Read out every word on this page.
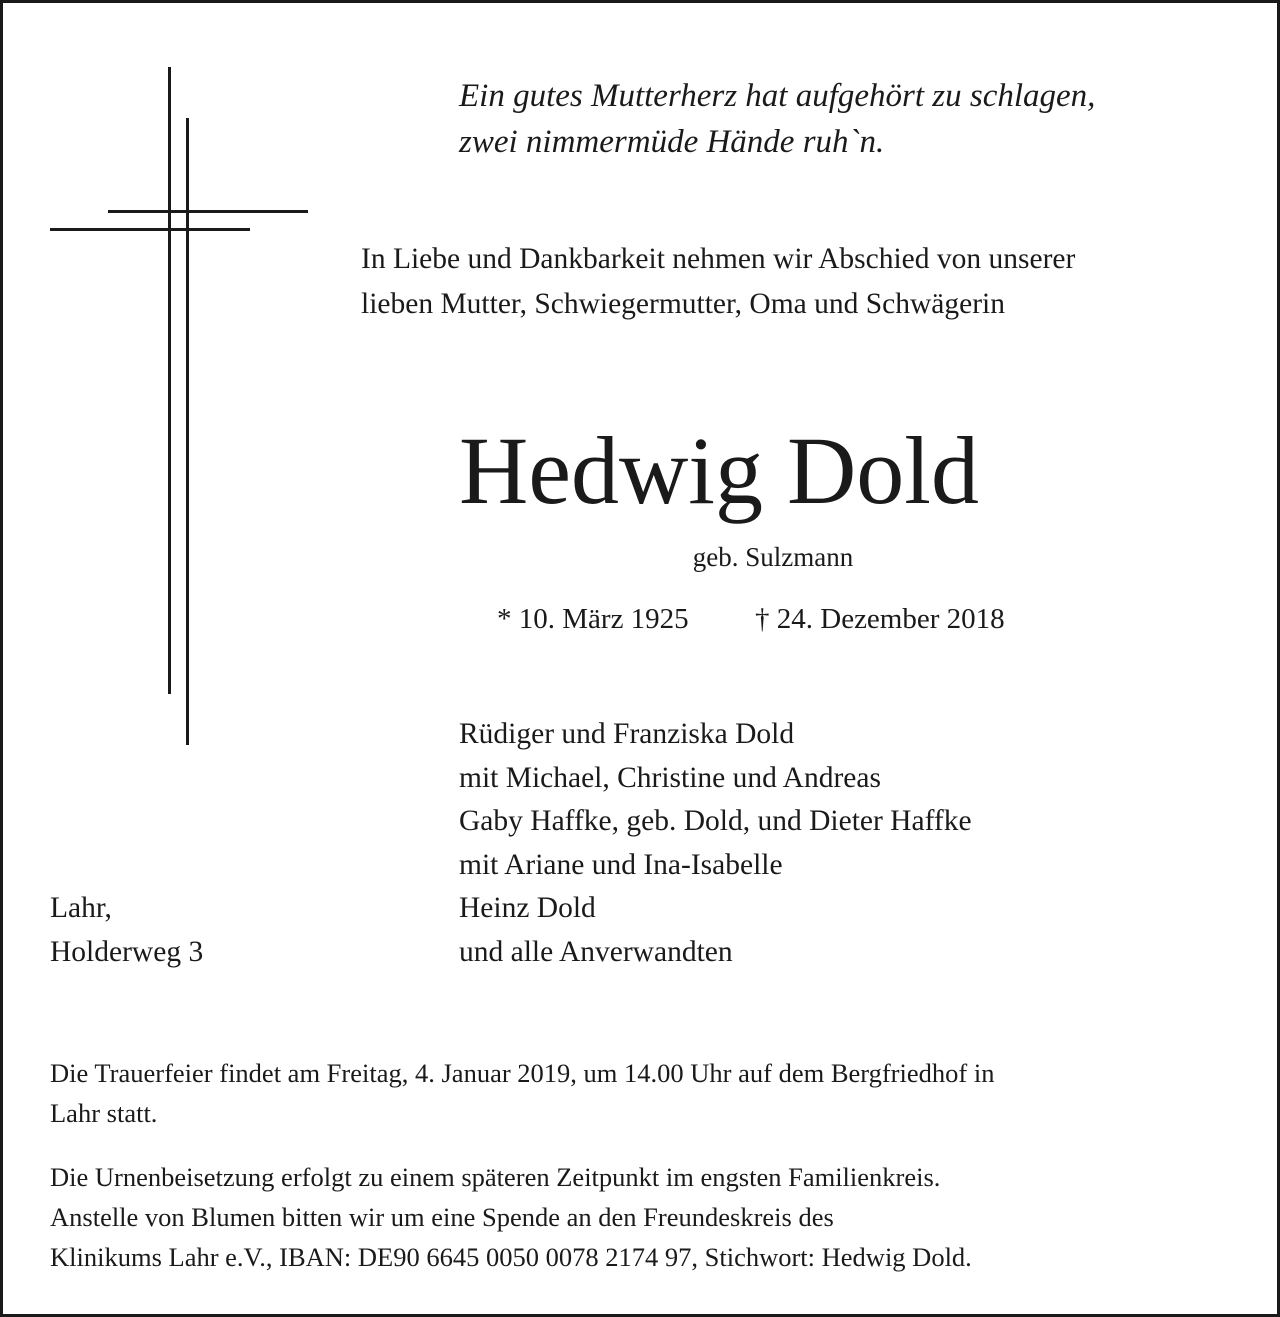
Ein gutes Mutterherz hat aufgehört zu schlagen,
zwei nimmermüde Hände ruh`n.
In Liebe und Dankbarkeit nehmen wir Abschied von unserer
lieben Mutter, Schwiegermutter, Oma und Schwägerin
Hedwig Dold
geb. Sulzmann
* 10. März 1925 † 24. Dezember 2018
Rüdiger und Franziska Dold
mit Michael, Christine und Andreas
Gaby Haffke, geb. Dold, und Dieter Haffke
mit Ariane und Ina-Isabelle
Heinz Dold
und alle Anverwandten
Lahr,
Holderweg 3
Die Trauerfeier findet am Freitag, 4. Januar 2019, um 14.00 Uhr auf dem Bergfriedhof in
Lahr statt.
Die Urnenbeisetzung erfolgt zu einem späteren Zeitpunkt im engsten Familienkreis.
Anstelle von Blumen bitten wir um eine Spende an den Freundeskreis des
Klinikums Lahr e.V., IBAN: DE90 6645 0050 0078 2174 97, Stichwort: Hedwig Dold.
